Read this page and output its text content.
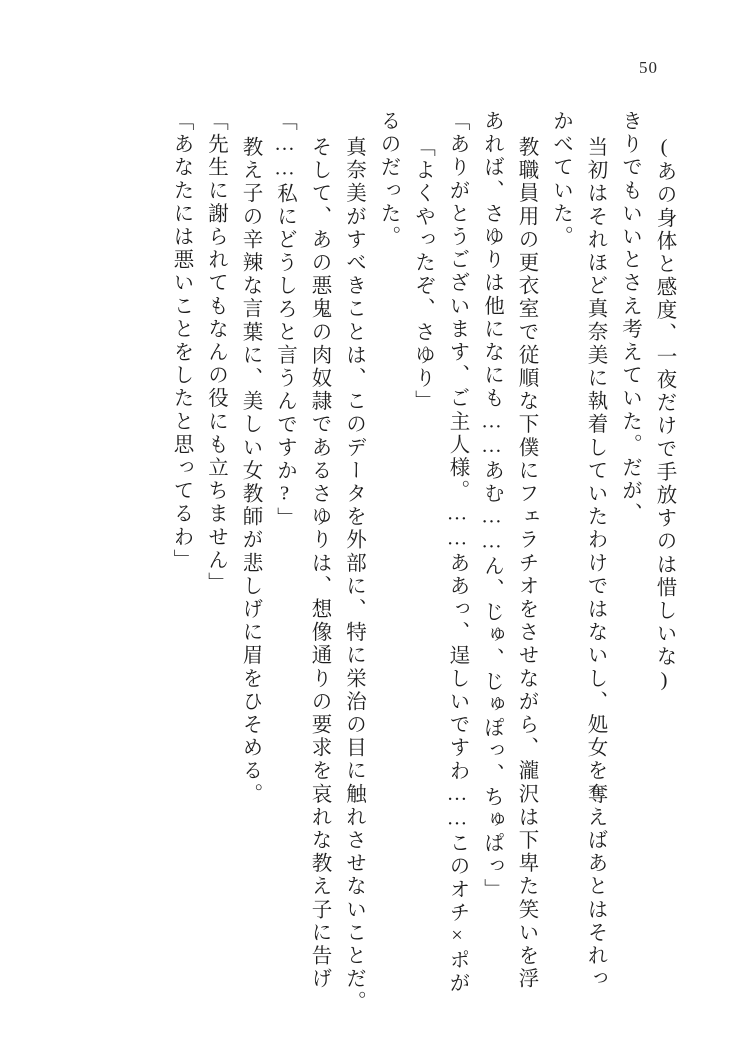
50
「あなたには悪いことをしたと思ってるわ」 「先生に謝られてもなんの役にも立ちません」 教え子の辛辣な言葉に、美しい女教師が悲しげに眉をひそめる。 「……私にどうしろと言うんですか?」 そして、あの悪鬼の肉奴隷であるさゆりは、想像通りの要求を哀れな教え子に告げ 真奈美がすべきことは、このデータを外部に、特に栄治の目に触れさせないことだ。 るのだった。 「よくやったぞ、さゆり」 「ありがとうございます、ご主人様。……ああっ、逞しいですわ……このオチ×ポが あれば、さゆりは他になにも……あむ……ん、じゅ、じゅぽっ、ちゅぱっ」 教職員用の更衣室で従順な下僕にフェラチオをさせながら、瀧沢は下卑た笑いを浮 かべていた。 当初はそれほど真奈美に執着していたわけではないし、処女を奪えばあとはそれっ きりでもいいとさえ考えていた。だが、 (あの身体と感度、一夜だけで手放すのは惜しいな)
